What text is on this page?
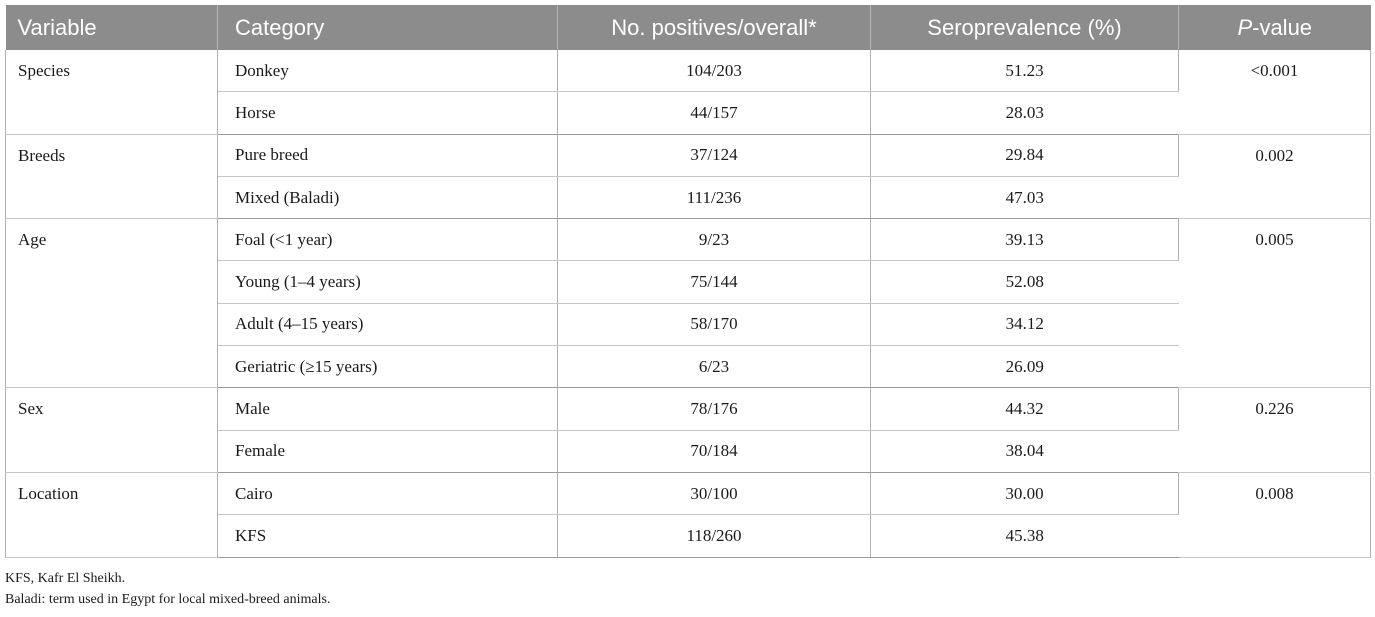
Variable	Category	No. positives/overall*	Seroprevalence (%)	P-value
Species	Donkey	104/203	51.23	<0.001
	Horse	44/157	28.03	
Breeds	Pure breed	37/124	29.84	0.002
	Mixed (Baladi)	111/236	47.03	
Age	Foal (<1 year)	9/23	39.13	0.005
	Young (1–4 years)	75/144	52.08	
	Adult (4–15 years)	58/170	34.12	
	Geriatric (≥15 years)	6/23	26.09	
Sex	Male	78/176	44.32	0.226
	Female	70/184	38.04	
Location	Cairo	30/100	30.00	0.008
	KFS	118/260	45.38	

KFS, Kafr El Sheikh.

Baladi: term used in Egypt for local mixed-breed animals.
